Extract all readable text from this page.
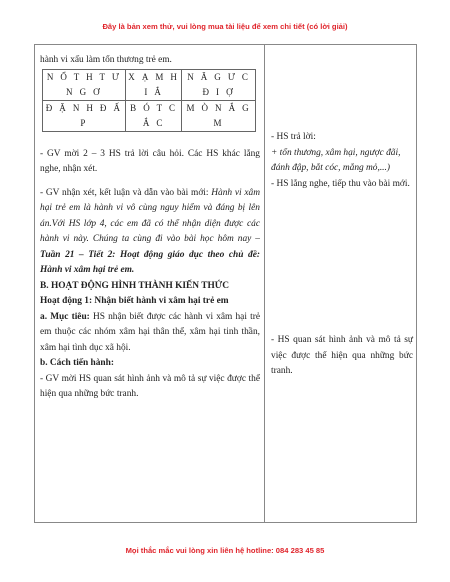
Đây là bản xem thử, vui lòng mua tài liệu để xem chi tiết (có lời giải)

hành vi xấu làm tổn thương trẻ em.

N Ổ T H T Ư N G Ơ	X Ạ M H I Ắ	N Ă G Ư C Đ I Ợ
Đ Ặ N H Đ Ấ P	B Ó T C Ắ C	M Ò N Ắ G M

- GV mời 2 – 3 HS trả lời câu hỏi. Các HS khác lắng nghe, nhận xét.

- GV nhận xét, kết luận và dẫn vào bài mới: Hành vi xâm hại trẻ em là hành vi vô cùng nguy hiểm và đáng bị lên án.Với HS lớp 4, các em đã có thể nhận diện được các hành vi này. Chúng ta cùng đi vào bài học hôm nay – Tuần 21 – Tiết 2: Hoạt động giáo dục theo chủ đề: Hành vi xâm hại trẻ em.

B. HOẠT ĐỘNG HÌNH THÀNH KIẾN THỨC

Hoạt động 1: Nhận biết hành vi xâm hại trẻ em

a. Mục tiêu: HS nhận biết được các hành vi xâm hại trẻ em thuộc các nhóm xâm hại thân thể, xâm hại tinh thần, xâm hại tình dục xã hội.

b. Cách tiến hành:

- GV mời HS quan sát hình ảnh và mô tả sự việc được thể hiện qua những bức tranh.

- HS trả lời:

+ tổn thương, xâm hại, ngược đãi, đánh đập, bắt cóc, mắng mỏ,...)

- HS lắng nghe, tiếp thu vào bài mới.

- HS quan sát hình ảnh và mô tả sự việc được thể hiện qua những bức tranh.

Mọi thắc mắc vui lòng xin liên hệ hotline: 084 283 45 85
